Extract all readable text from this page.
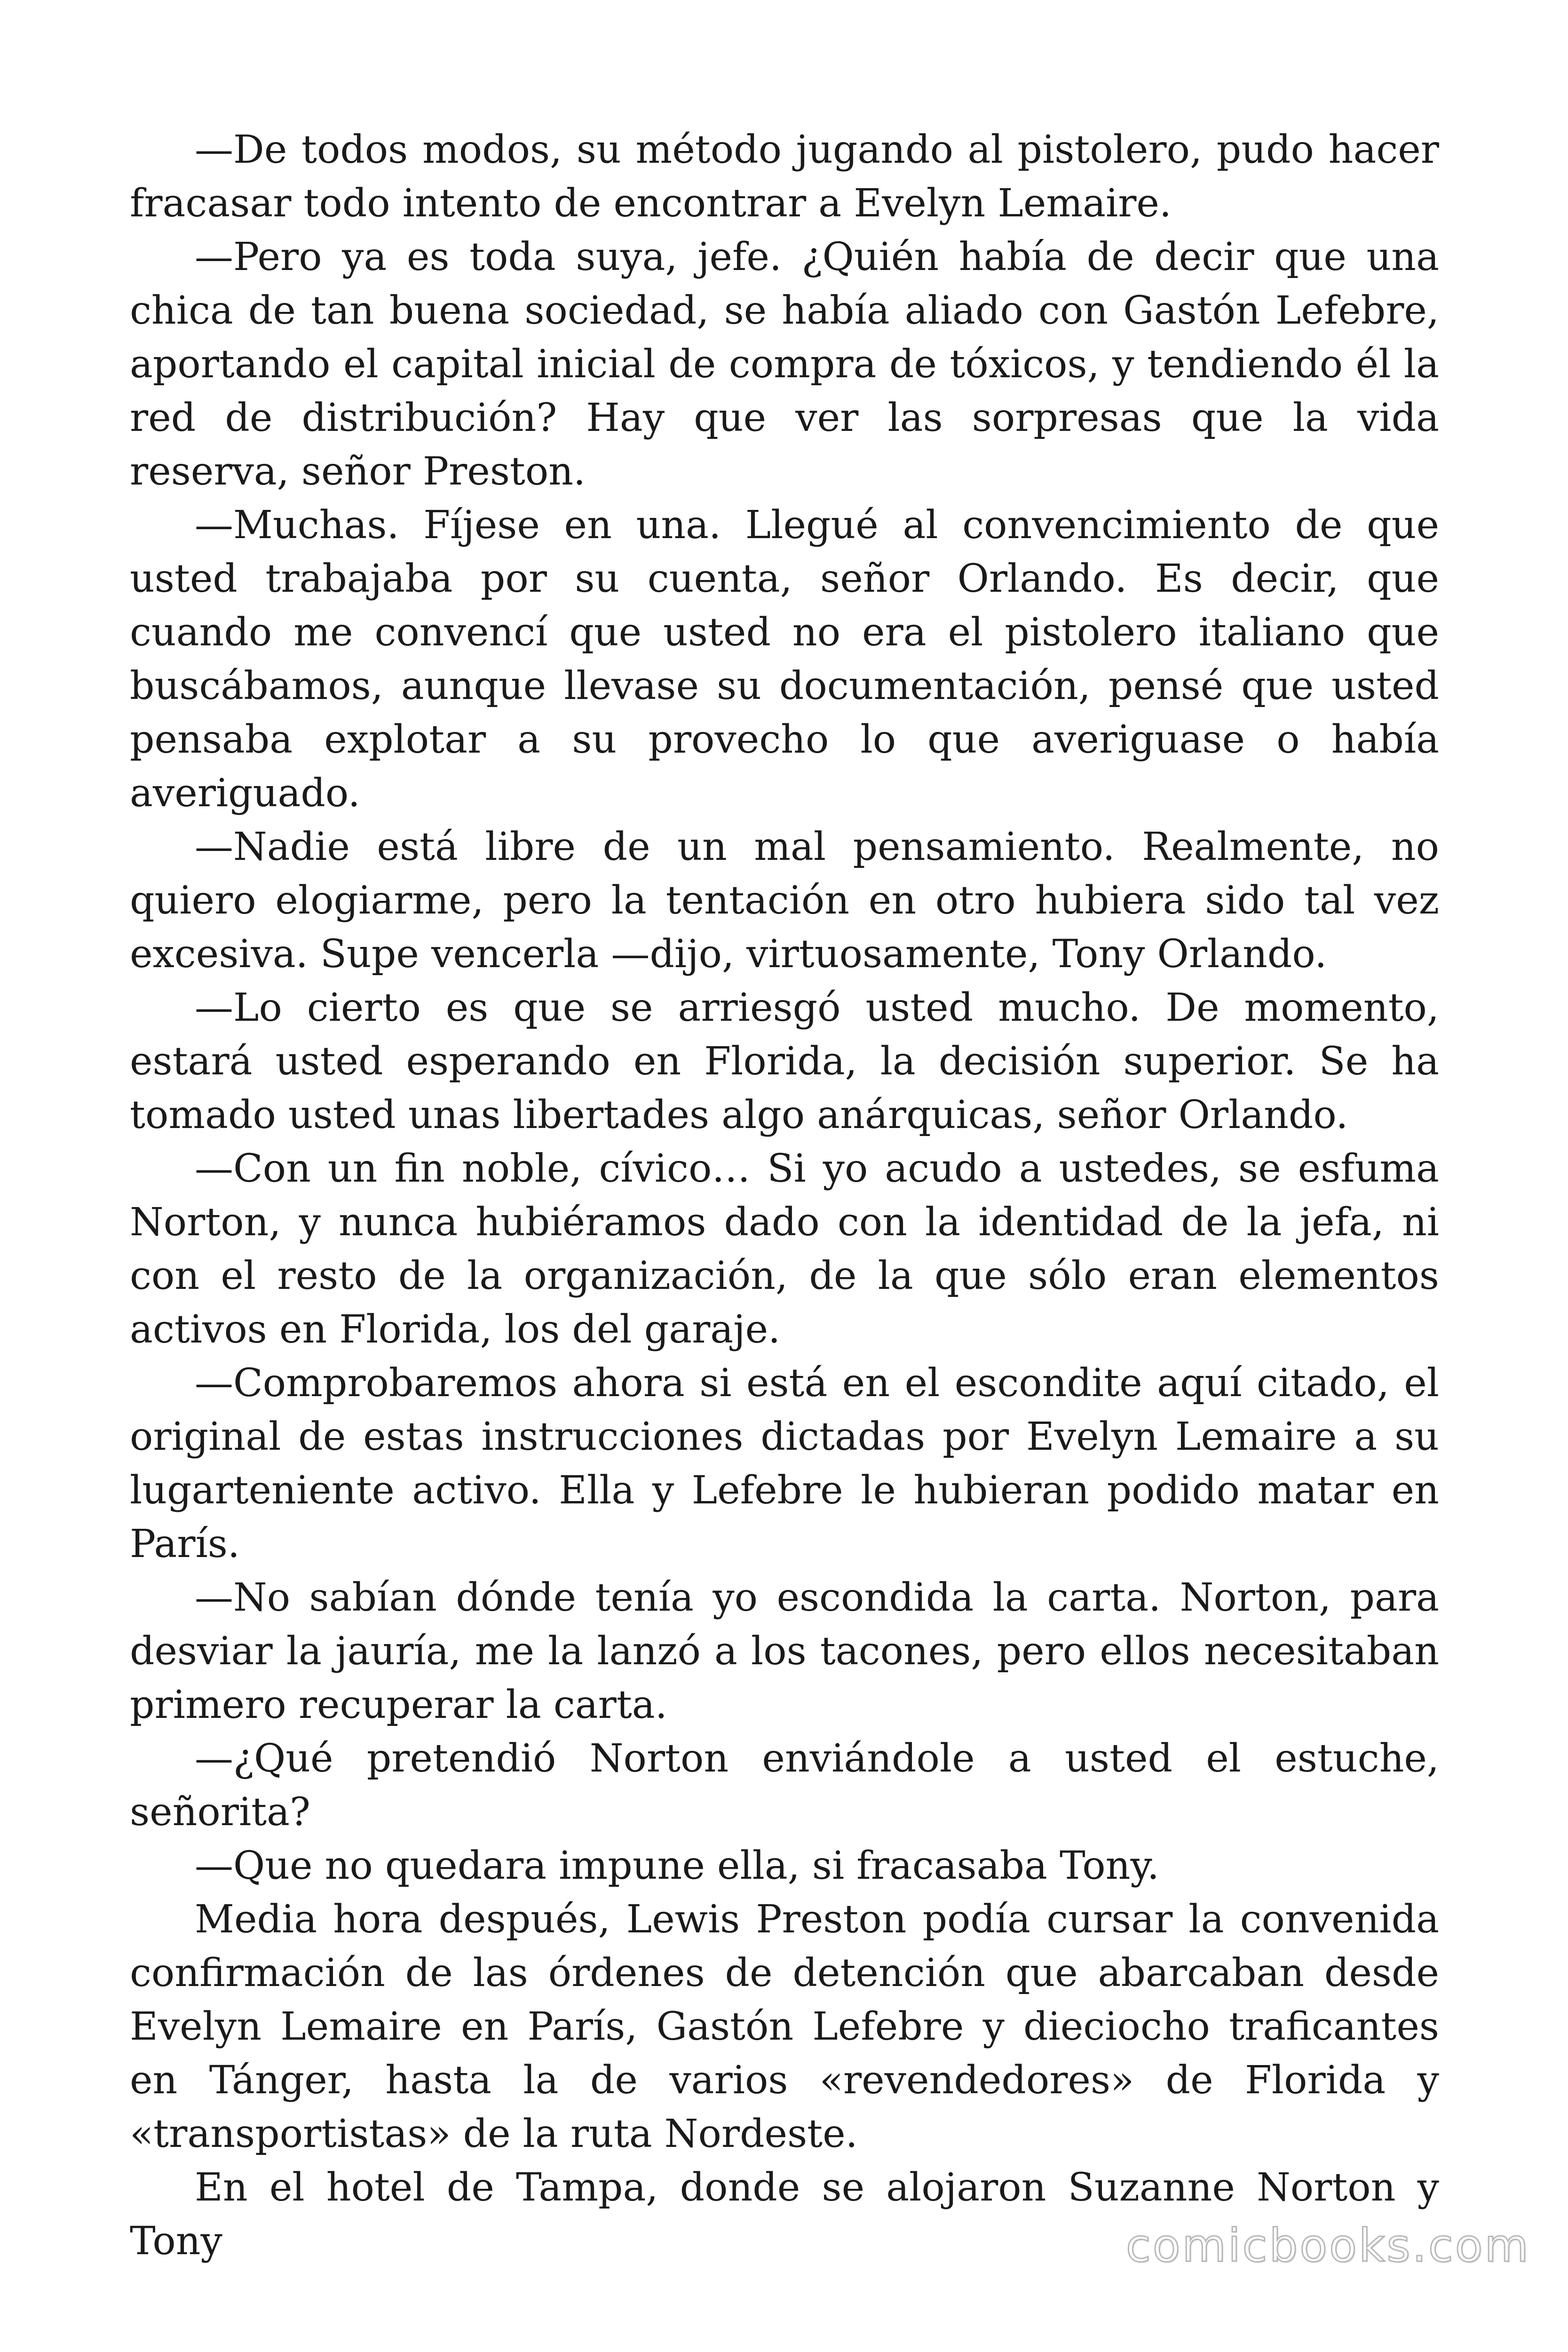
—De todos modos, su método jugando al pistolero, pudo hacer fracasar todo intento de encontrar a Evelyn Lemaire.

—Pero ya es toda suya, jefe. ¿Quién había de decir que una chica de tan buena sociedad, se había aliado con Gastón Lefebre, aportando el capital inicial de compra de tóxicos, y tendiendo él la red de distribución? Hay que ver las sorpresas que la vida reserva, señor Preston.

—Muchas. Fíjese en una. Llegué al convencimiento de que usted trabajaba por su cuenta, señor Orlando. Es decir, que cuando me convencí que usted no era el pistolero italiano que buscábamos, aunque llevase su documentación, pensé que usted pensaba explotar a su provecho lo que averiguase o había averiguado.

—Nadie está libre de un mal pensamiento. Realmente, no quiero elogiarme, pero la tentación en otro hubiera sido tal vez excesiva. Supe vencerla —dijo, virtuosamente, Tony Orlando.

—Lo cierto es que se arriesgó usted mucho. De momento, estará usted esperando en Florida, la decisión superior. Se ha tomado usted unas libertades algo anárquicas, señor Orlando.

—Con un fin noble, cívico… Si yo acudo a ustedes, se esfuma Norton, y nunca hubiéramos dado con la identidad de la jefa, ni con el resto de la organización, de la que sólo eran elementos activos en Florida, los del garaje.

—Comprobaremos ahora si está en el escondite aquí citado, el original de estas instrucciones dictadas por Evelyn Lemaire a su lugarteniente activo. Ella y Lefebre le hubieran podido matar en París.

—No sabían dónde tenía yo escondida la carta. Norton, para desviar la jauría, me la lanzó a los tacones, pero ellos necesitaban primero recuperar la carta.

—¿Qué pretendió Norton enviándole a usted el estuche, señorita?

—Que no quedara impune ella, si fracasaba Tony.

Media hora después, Lewis Preston podía cursar la convenida confirmación de las órdenes de detención que abarcaban desde Evelyn Lemaire en París, Gastón Lefebre y dieciocho traficantes en Tánger, hasta la de varios «revendedores» de Florida y «transportistas» de la ruta Nordeste.

En el hotel de Tampa, donde se alojaron Suzanne Norton y Tony	comicbooks.com
